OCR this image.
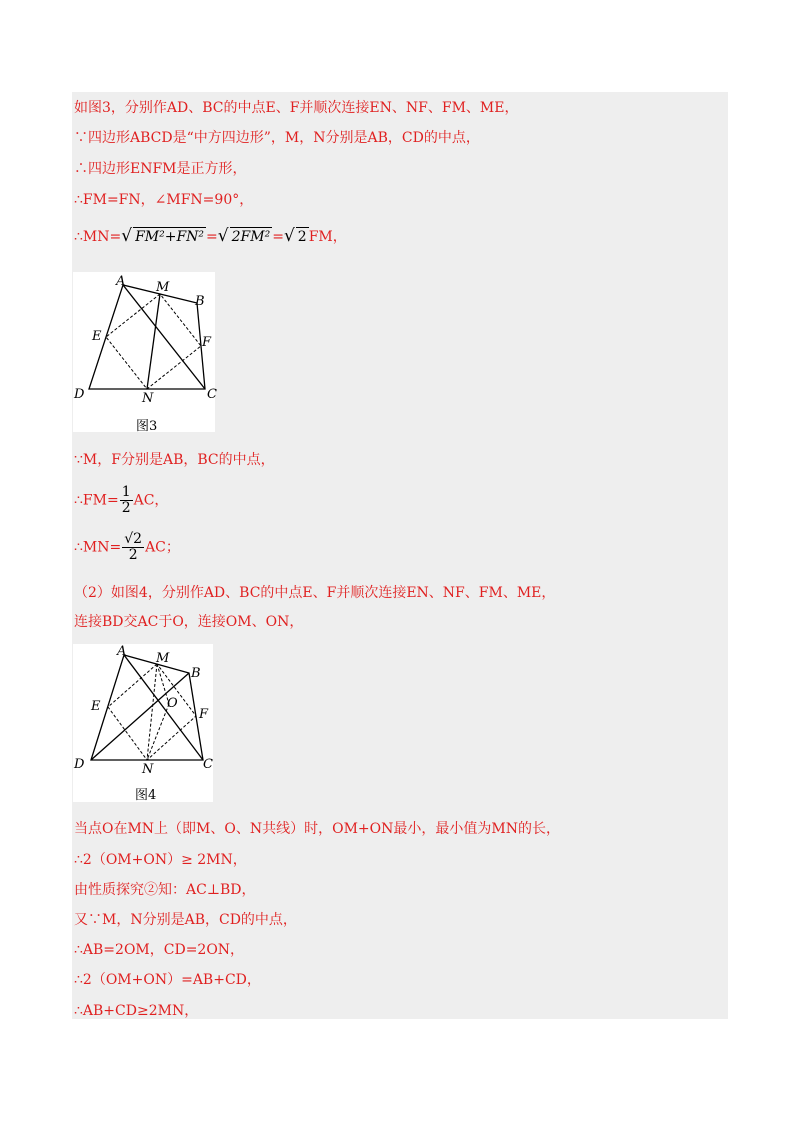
如图3，分别作AD、BC的中点E、F并顺次连接EN、NF、FM、ME，
∵四边形ABCD是“中方四边形”，M，N分别是AB，CD的中点，
∴四边形ENFM是正方形，
∴FM=FN，∠MFN=90°，
∴MN=√ FM²+FN² =√ 2FM² =√ 2 FM，
A M
B
E	F
D	N	C
图3
∵M，F分别是AB，BC的中点，
∴FM= $\frac{1}{2}$ AC，
∴MN= $\frac{√2}{2}$ AC；
（2）如图4，分别作AD、BC的中点E、F并顺次连接EN、NF、FM、ME，
连接BD交AC于O，连接OM、ON，
A M
B
E	O
F
D	N	C
图4
当点O在MN上（即M、O、N共线）时，OM+ON最小，最小值为MN的长，
∴2（OM+ON）≥ 2MN，
由性质探究②知：AC⊥BD，
又∵M，N分别是AB，CD的中点，
∴AB=2OM，CD=2ON，
∴2（OM+ON）=AB+CD，
∴AB+CD≥2MN，
